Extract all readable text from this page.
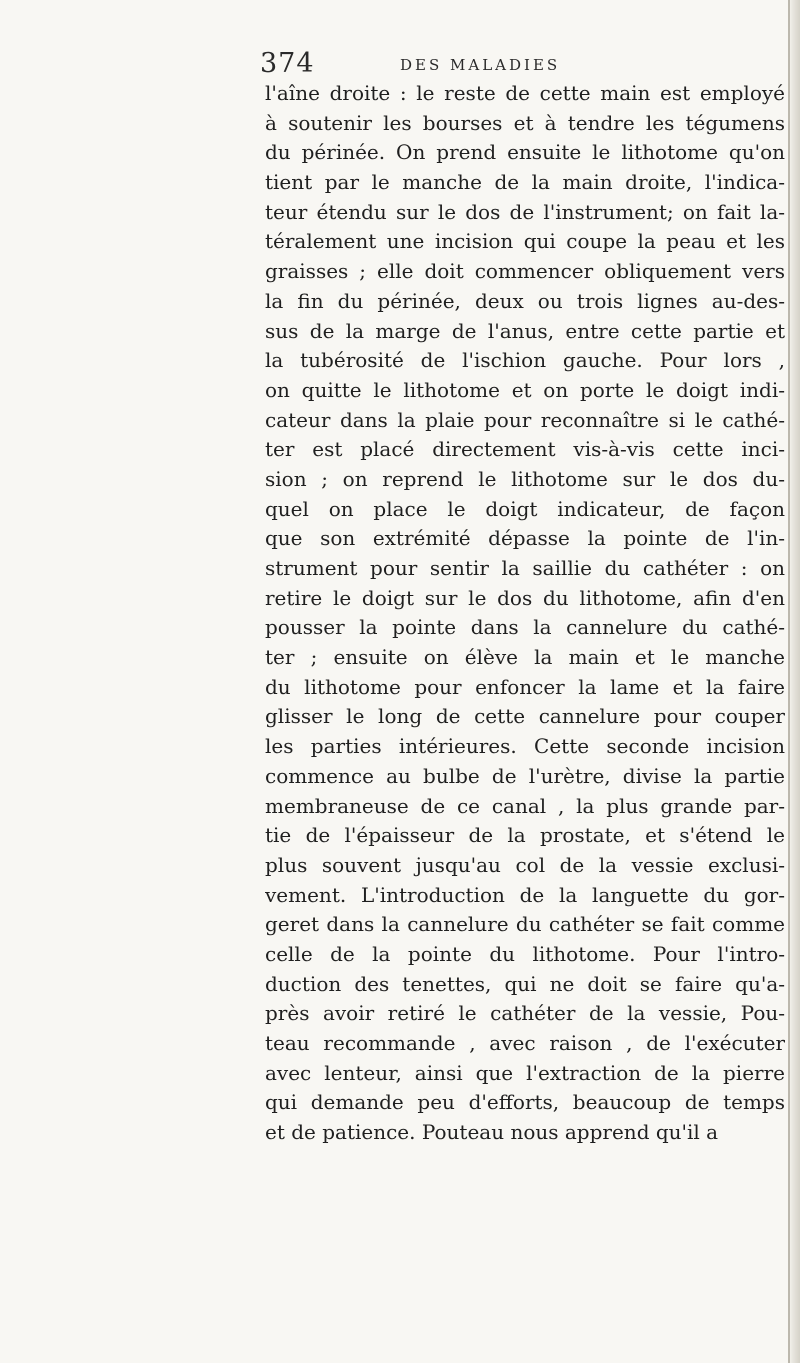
374	DES MALADIES
l'aîne droite : le reste de cette main est employé
à soutenir les bourses et à tendre les tégumens
du périnée. On prend ensuite le lithotome qu'on
tient par le manche de la main droite, l'indica-
teur étendu sur le dos de l'instrument; on fait la-
téralement une incision qui coupe la peau et les
graisses ; elle doit commencer obliquement vers
la fin du périnée, deux ou trois lignes au-des-
sus de la marge de l'anus, entre cette partie et
la tubérosité de l'ischion gauche. Pour lors ,
on quitte le lithotome et on porte le doigt indi-
cateur dans la plaie pour reconnaître si le cathé-
ter est placé directement vis-à-vis cette inci-
sion ; on reprend le lithotome sur le dos du-
quel on place le doigt indicateur, de façon
que son extrémité dépasse la pointe de l'in-
strument pour sentir la saillie du cathéter : on
retire le doigt sur le dos du lithotome, afin d'en
pousser la pointe dans la cannelure du cathé-
ter ; ensuite on élève la main et le manche
du lithotome pour enfoncer la lame et la faire
glisser le long de cette cannelure pour couper
les parties intérieures. Cette seconde incision
commence au bulbe de l'urètre, divise la partie
membraneuse de ce canal , la plus grande par-
tie de l'épaisseur de la prostate, et s'étend le
plus souvent jusqu'au col de la vessie exclusi-
vement. L'introduction de la languette du gor-
geret dans la cannelure du cathéter se fait comme
celle de la pointe du lithotome. Pour l'intro-
duction des tenettes, qui ne doit se faire qu'a-
près avoir retiré le cathéter de la vessie, Pou-
teau recommande , avec raison , de l'exécuter
avec lenteur, ainsi que l'extraction de la pierre
qui demande peu d'efforts, beaucoup de temps
et de patience. Pouteau nous apprend qu'il a
